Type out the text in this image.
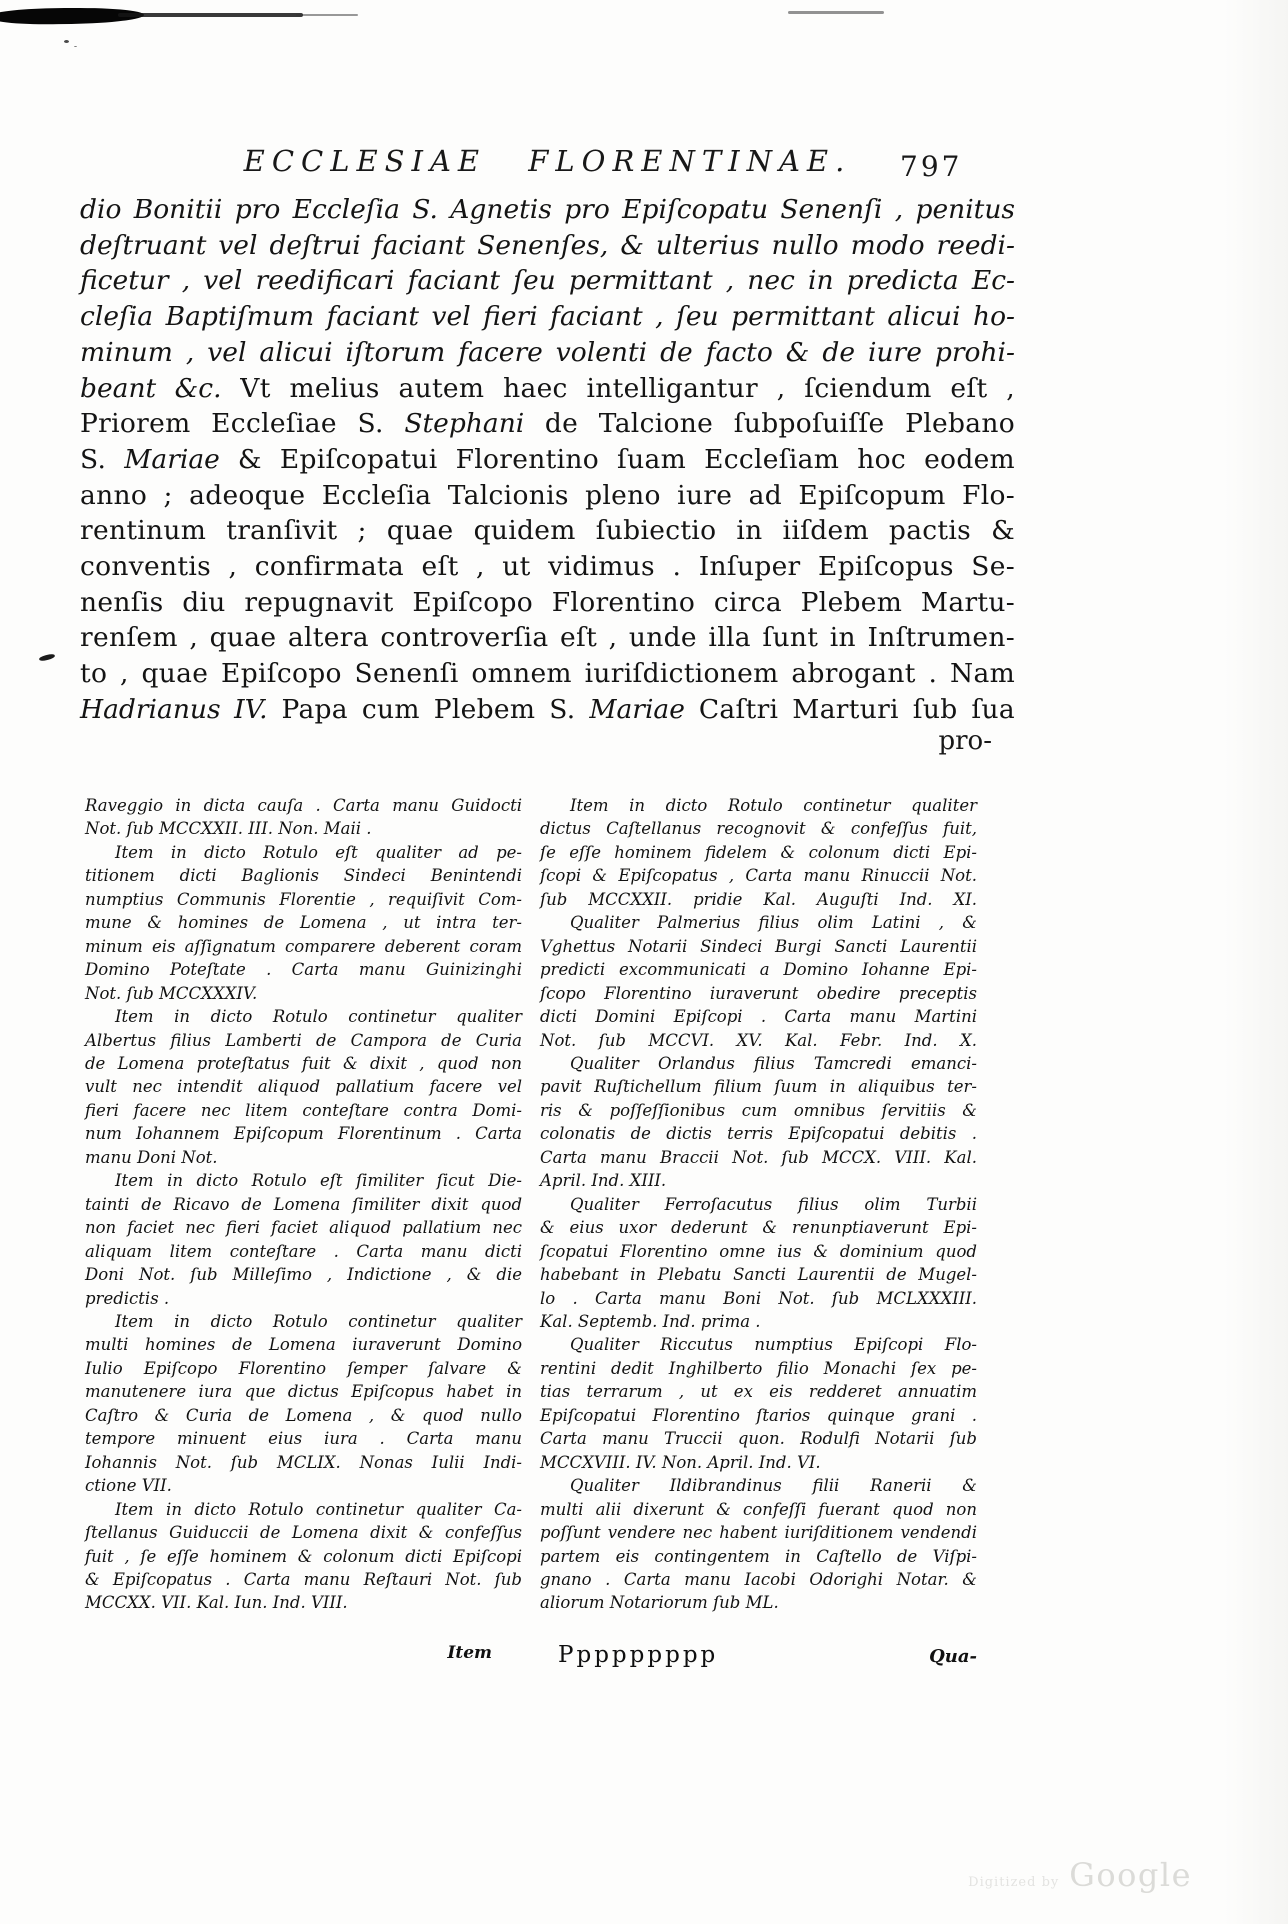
ECCLESIAE FLORENTINAE.	797
dio Bonitii pro Eccleſia S. Agnetis pro Epiſcopatu Senenſi , penitus
deſtruant vel deſtrui faciant Senenſes, & ulterius nullo modo reedi-
ficetur , vel reedificari faciant ſeu permittant , nec in predicta Ec-
cleſia Baptiſmum faciant vel fieri faciant , ſeu permittant alicui ho-
minum , vel alicui iſtorum facere volenti de facto & de iure prohi-
beant &c. Vt melius autem haec intelligantur , ſciendum eſt ,
Priorem Eccleſiae S. Stephani de Talcione ſubpoſuiſſe Plebano
S. Mariae & Epiſcopatui Florentino ſuam Eccleſiam hoc eodem
anno ; adeoque Eccleſia Talcionis pleno iure ad Epiſcopum Flo-
rentinum tranſivit ; quae quidem ſubiectio in iiſdem pactis &
conventis , confirmata eſt , ut vidimus . Inſuper Epiſcopus Se-
nenſis diu repugnavit Epiſcopo Florentino circa Plebem Martu-
renſem , quae altera controverſia eſt , unde illa ſunt in Inſtrumen-
to , quae Epiſcopo Senenſi omnem iuriſdictionem abrogant . Nam
Hadrianus IV. Papa cum Plebem S. Mariae Caſtri Marturi ſub ſua
pro-
Raveggio in dicta cauſa . Carta manu Guidocti
Not. ſub MCCXXII. III. Non. Maii .
Item in dicto Rotulo eſt qualiter ad pe-
titionem dicti Baglionis Sindeci Benintendi
numptius Communis Florentie , requiſivit Com-
mune & homines de Lomena , ut intra ter-
minum eis aſſignatum comparere deberent coram
Domino Poteſtate . Carta manu Guinizinghi
Not. ſub MCCXXXIV.
Item in dicto Rotulo continetur qualiter
Albertus filius Lamberti de Campora de Curia
de Lomena proteſtatus fuit & dixit , quod non
vult nec intendit aliquod pallatium facere vel
fieri facere nec litem conteſtare contra Domi-
num Iohannem Epiſcopum Florentinum . Carta
manu Doni Not.
Item in dicto Rotulo eſt ſimiliter ſicut Die-
tainti de Ricavo de Lomena ſimiliter dixit quod
non faciet nec fieri faciet aliquod pallatium nec
aliquam litem conteſtare . Carta manu dicti
Doni Not. ſub Milleſimo , Indictione , & die
predictis .
Item in dicto Rotulo continetur qualiter
multi homines de Lomena iuraverunt Domino
Iulio Epiſcopo Florentino ſemper ſalvare &
manutenere iura que dictus Epiſcopus habet in
Caſtro & Curia de Lomena , & quod nullo
tempore minuent eius iura . Carta manu
Iohannis Not. ſub MCLIX. Nonas Iulii Indi-
ctione VII.
Item in dicto Rotulo continetur qualiter Ca-
ſtellanus Guiduccii de Lomena dixit & confeſſus
fuit , ſe eſſe hominem & colonum dicti Epiſcopi
& Epiſcopatus . Carta manu Reſtauri Not. ſub
MCCXX. VII. Kal. Iun. Ind. VIII.
Item in dicto Rotulo continetur qualiter
dictus Caſtellanus recognovit & confeſſus fuit,
ſe eſſe hominem fidelem & colonum dicti Epi-
ſcopi & Epiſcopatus , Carta manu Rinuccii Not.
ſub MCCXXII. pridie Kal. Auguſti Ind. XI.
Qualiter Palmerius filius olim Latini , &
Vghettus Notarii Sindeci Burgi Sancti Laurentii
predicti excommunicati a Domino Iohanne Epi-
ſcopo Florentino iuraverunt obedire preceptis
dicti Domini Epiſcopi . Carta manu Martini
Not. ſub MCCVI. XV. Kal. Febr. Ind. X.
Qualiter Orlandus filius Tamcredi emanci-
pavit Ruſtichellum filium ſuum in aliquibus ter-
ris & poſſeſſionibus cum omnibus ſervitiis &
colonatis de dictis terris Epiſcopatui debitis .
Carta manu Braccii Not. ſub MCCX. VIII. Kal.
April. Ind. XIII.
Qualiter Ferroſacutus filius olim Turbii
& eius uxor dederunt & renunptiaverunt Epi-
ſcopatui Florentino omne ius & dominium quod
habebant in Plebatu Sancti Laurentii de Mugel-
lo . Carta manu Boni Not. ſub MCLXXXIII.
Kal. Septemb. Ind. prima .
Qualiter Riccutus numptius Epiſcopi Flo-
rentini dedit Inghilberto filio Monachi ſex pe-
tias terrarum , ut ex eis redderet annuatim
Epiſcopatui Florentino ſtarios quinque grani .
Carta manu Truccii quon. Rodulfi Notarii ſub
MCCXVIII. IV. Non. April. Ind. VI.
Qualiter Ildibrandinus filii Ranerii &
multi alii dixerunt & confeſſi fuerant quod non
poſſunt vendere nec habent iuriſditionem vendendi
partem eis contingentem in Caſtello de Viſpi-
gnano . Carta manu Iacobi Odorighi Notar. &
aliorum Notariorum ſub ML.
Item	Ppppppppp	Qua-
Digitized by Google
